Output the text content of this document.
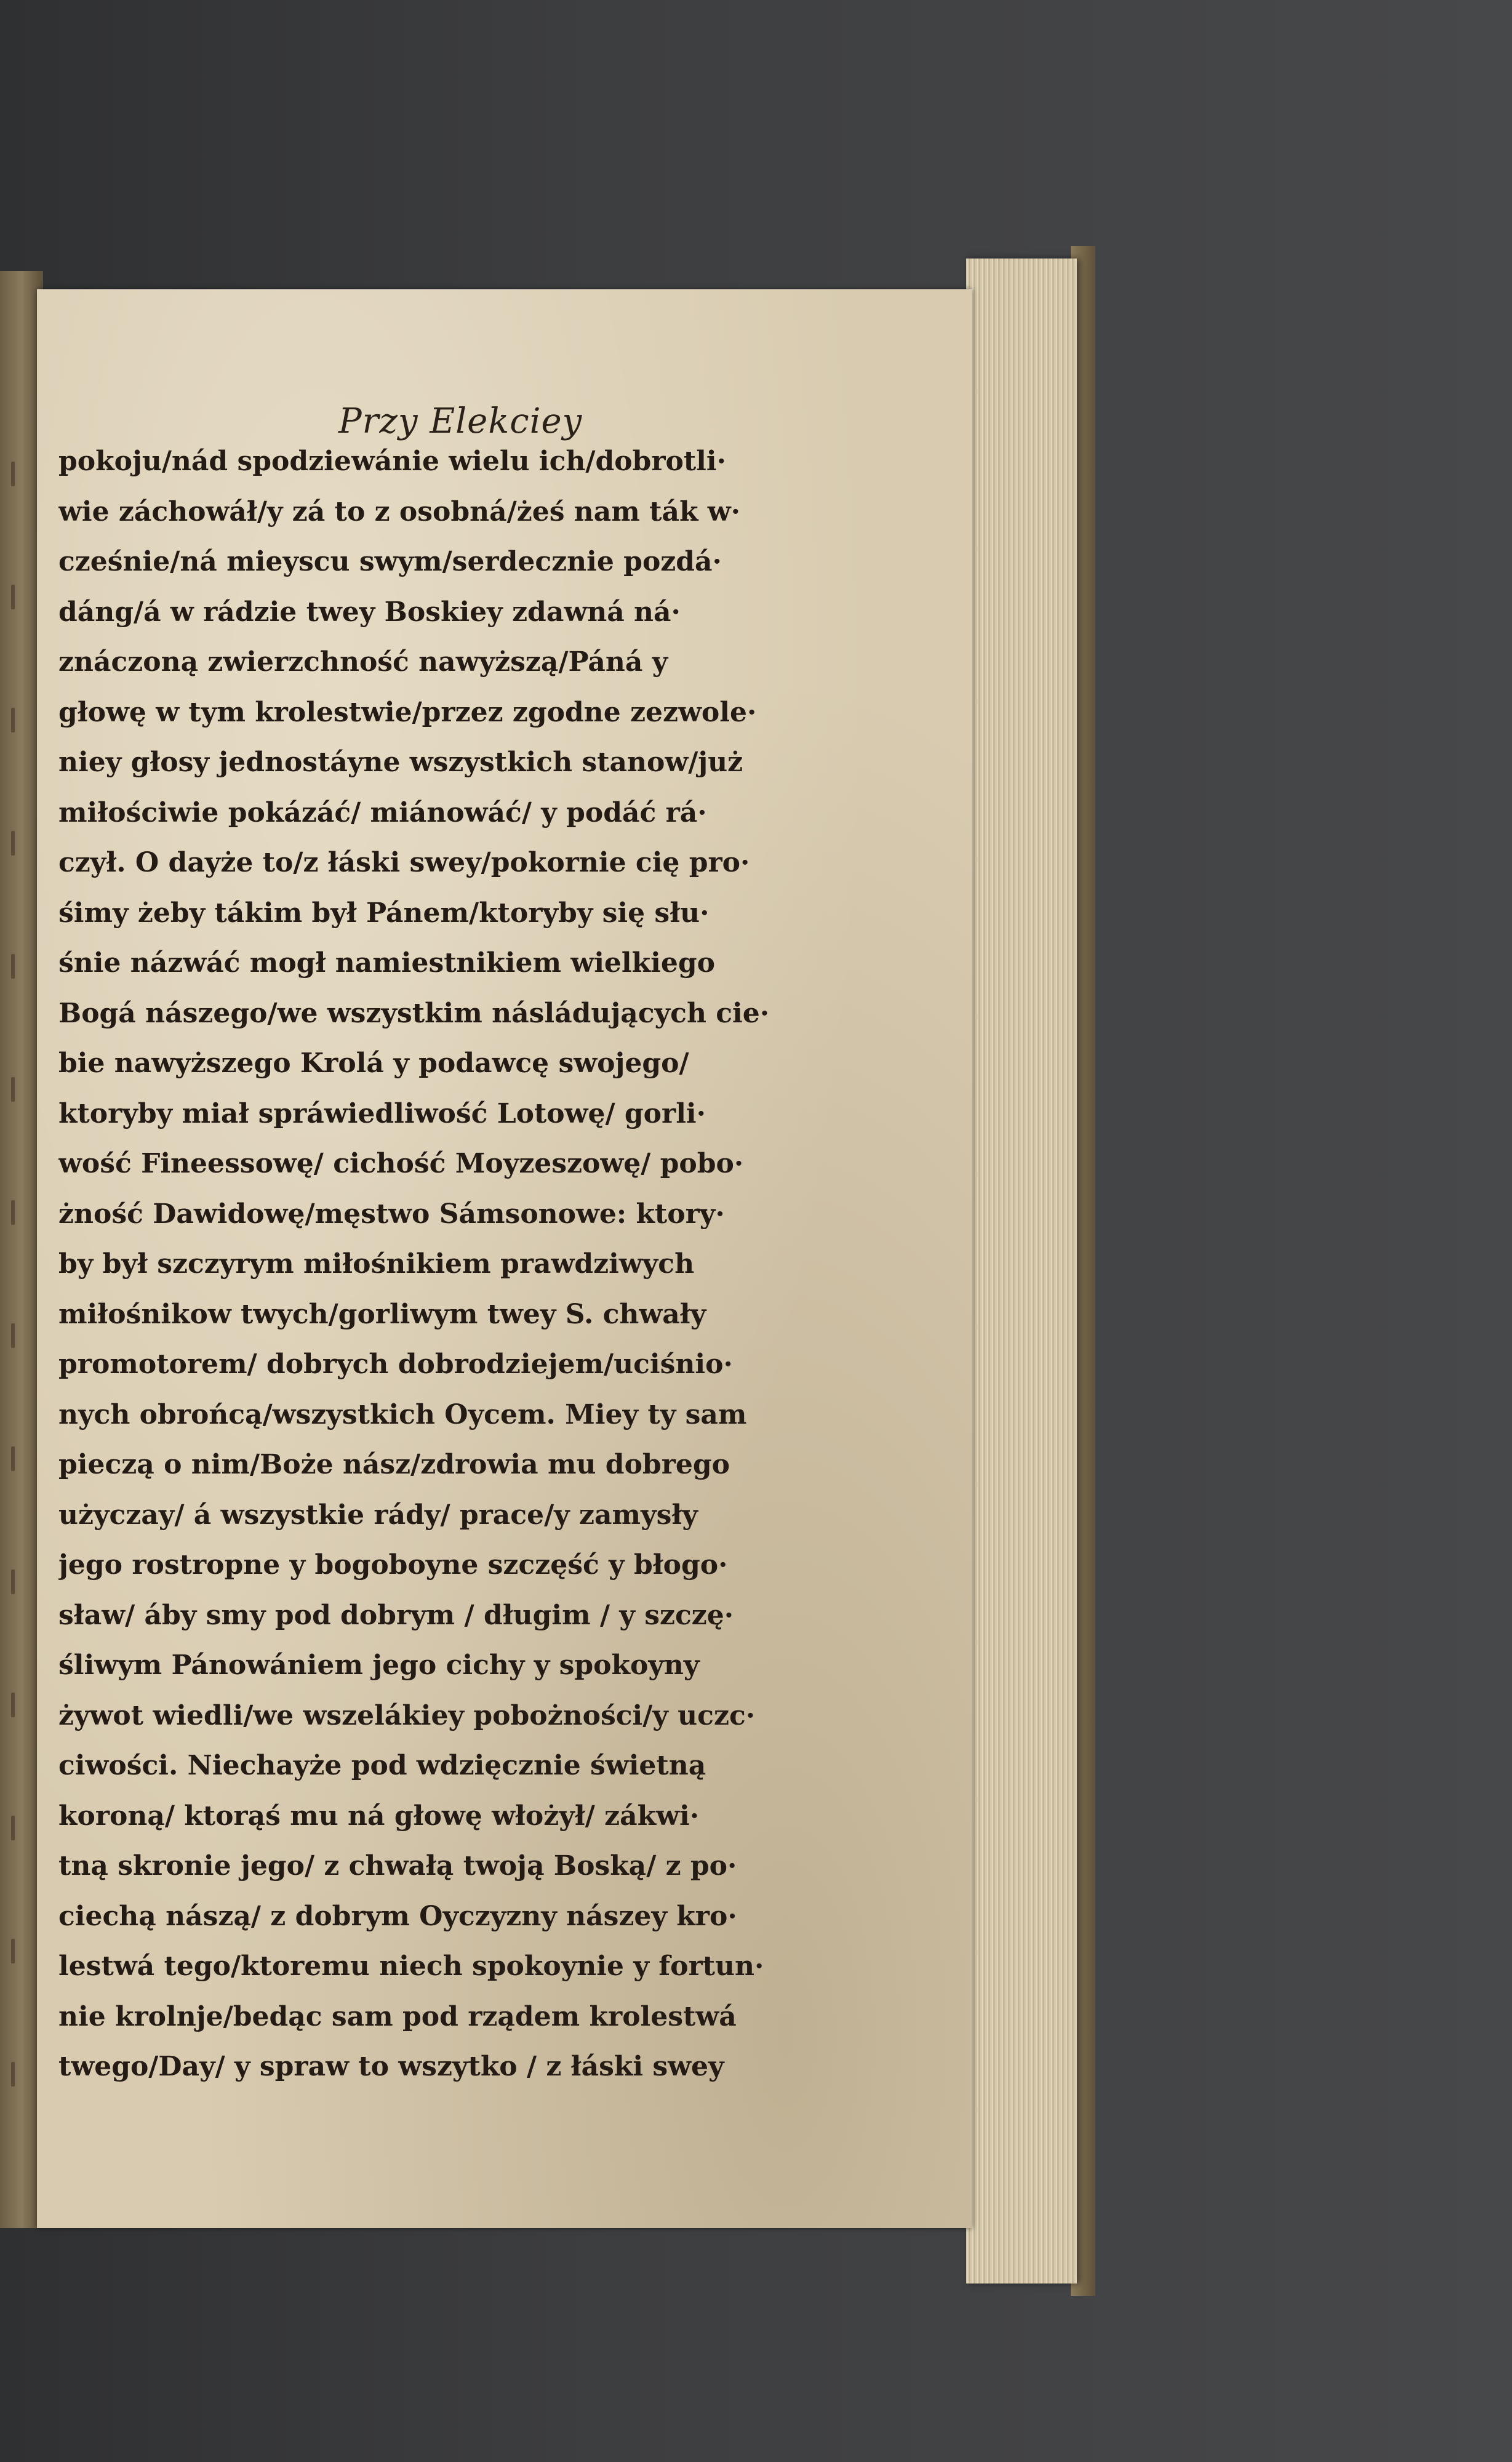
Przy Elekciey
pokoju/nád spodziewánie wielu ich/dobrotli·
wie záchowáł/y zá to z osobná/żeś nam ták w·
cześnie/ná mieyscu swym/serdecznie pozdá·
dáng/á w rádzie twey Boskiey zdawná ná·
znáczoną zwierzchność nawyższą/Páná y
głowę w tym krolestwie/przez zgodne zezwole·
niey głosy jednostáyne wszystkich stanow/już
miłościwie pokázáć/ miánowáć/ y podáć rá·
czył. O dayże to/z łáski swey/pokornie cię pro·
śimy żeby tákim był Pánem/ktoryby się słu·
śnie názwáć mogł namiestnikiem wielkiego
Bogá nászego/we wszystkim násládujących cie·
bie nawyższego Krolá y podawcę swojego/
ktoryby miał spráwiedliwość Lotowę/ gorli·
wość Fineessowę/ cichość Moyzeszowę/ pobo·
żność Dawidowę/męstwo Sámsonowe: ktory·
by był szczyrym miłośnikiem prawdziwych
miłośnikow twych/gorliwym twey S. chwały
promotorem/ dobrych dobrodziejem/uciśnio·
nych obrońcą/wszystkich Oycem. Miey ty sam
pieczą o nim/Boże nász/zdrowia mu dobrego
użyczay/ á wszystkie rády/ prace/y zamysły
jego rostropne y bogoboyne szczęść y błogo·
sław/ áby smy pod dobrym / długim / y szczę·
śliwym Pánowániem jego cichy y spokoyny
żywot wiedli/we wszelákiey pobożności/y uczc·
ciwości. Niechayże pod wdzięcznie świetną
koroną/ ktorąś mu ná głowę włożył/ zákwi·
tną skronie jego/ z chwałą twoją Boską/ z po·
ciechą nászą/ z dobrym Oyczyzny nászey kro·
lestwá tego/ktoremu niech spokoynie y fortun·
nie krolnje/bedąc sam pod rządem krolestwá
twego/Day/ y spraw to wszytko / z łáski swey
